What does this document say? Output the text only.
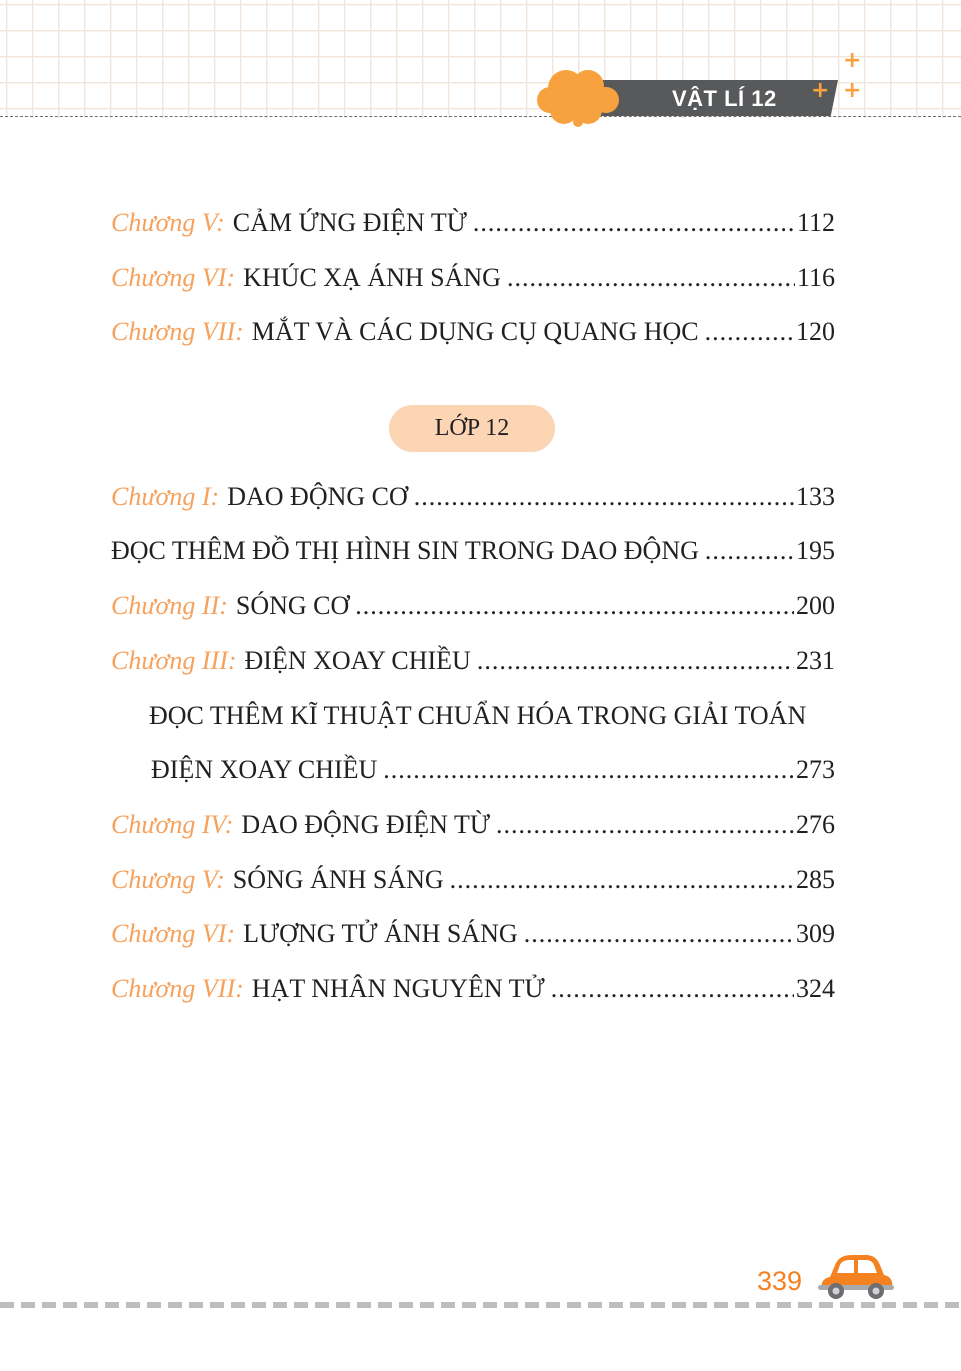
VẬT LÍ 12
+
+ +
Chương V: CẢM ỨNG ĐIỆN TỪ .....	112
Chương VI: KHÚC XẠ ÁNH SÁNG .....	116
Chương VII: MẮT VÀ CÁC DỤNG CỤ QUANG HỌC .....	120
LỚP 12
Chương I: DAO ĐỘNG CƠ .....	133
ĐỌC THÊM ĐỒ THỊ HÌNH SIN TRONG DAO ĐỘNG .....	195
Chương II: SÓNG CƠ .....	200
Chương III: ĐIỆN XOAY CHIỀU .....	231
ĐỌC THÊM KĨ THUẬT CHUẨN HÓA TRONG GIẢI TOÁN
ĐIỆN XOAY CHIỀU .....	273
Chương IV: DAO ĐỘNG ĐIỆN TỪ .....	276
Chương V: SÓNG ÁNH SÁNG .....	285
Chương VI: LƯỢNG TỬ ÁNH SÁNG .....	309
Chương VII: HẠT NHÂN NGUYÊN TỬ .....	324
339
